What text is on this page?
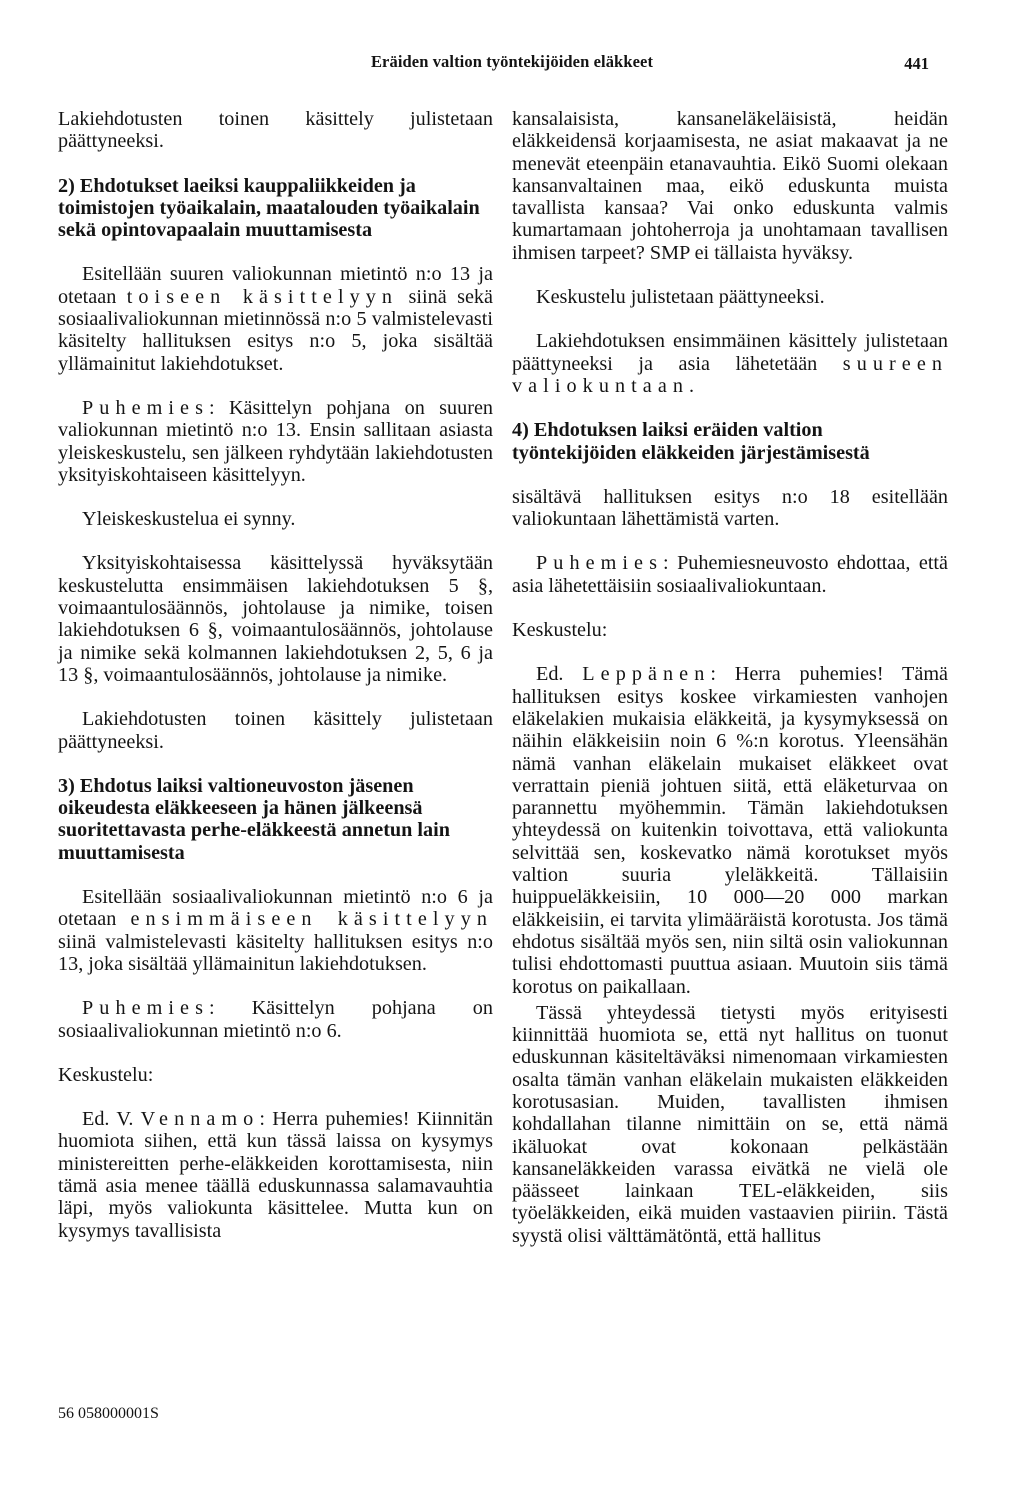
Eräiden valtion työntekijöiden eläkkeet	441
Lakiehdotusten toinen käsittely julistetaan päättyneeksi.
2) Ehdotukset laeiksi kauppaliikkeiden ja toimistojen työaikalain, maatalouden työaikalain sekä opintovapaalain muuttamisesta
Esitellään suuren valiokunnan mietintö n:o 13 ja otetaan toiseen käsittelyyn siinä sekä sosiaalivaliokunnan mietinnössä n:o 5 valmistelevasti käsitelty hallituksen esitys n:o 5, joka sisältää yllämainitut lakiehdotukset.
Puhemies: Käsittelyn pohjana on suuren valiokunnan mietintö n:o 13. Ensin sallitaan asiasta yleiskeskustelu, sen jälkeen ryhdytään lakiehdotusten yksityiskohtaiseen käsittelyyn.
Yleiskeskustelua ei synny.
Yksityiskohtaisessa käsittelyssä hyväksytään keskustelutta ensimmäisen lakiehdotuksen 5 §, voimaantulosäännös, johtolause ja nimike, toisen lakiehdotuksen 6 §, voimaantulosäännös, johtolause ja nimike sekä kolmannen lakiehdotuksen 2, 5, 6 ja 13 §, voimaantulosäännös, johtolause ja nimike.
Lakiehdotusten toinen käsittely julistetaan päättyneeksi.
3) Ehdotus laiksi valtioneuvoston jäsenen oikeudesta eläkkeeseen ja hänen jälkeensä suoritettavasta perhe-eläkkeestä annetun lain muuttamisesta
Esitellään sosiaalivaliokunnan mietintö n:o 6 ja otetaan ensimmäiseen käsittelyyn siinä valmistelevasti käsitelty hallituksen esitys n:o 13, joka sisältää yllämainitun lakiehdotuksen.
Puhemies: Käsittelyn pohjana on sosiaalivaliokunnan mietintö n:o 6.
Keskustelu:
Ed. V. Vennamo: Herra puhemies! Kiinnitän huomiota siihen, että kun tässä laissa on kysymys ministereitten perhe-eläkkeiden korottamisesta, niin tämä asia menee täällä eduskunnassa salamavauhtia läpi, myös valiokunta käsittelee. Mutta kun on kysymys tavallisista
kansalaisista, kansaneläkeläisistä, heidän eläkkeidensä korjaamisesta, ne asiat makaavat ja ne menevät eteenpäin etanavauhtia. Eikö Suomi olekaan kansanvaltainen maa, eikö eduskunta muista tavallista kansaa? Vai onko eduskunta valmis kumartamaan johtoherroja ja unohtamaan tavallisen ihmisen tarpeet? SMP ei tällaista hyväksy.
Keskustelu julistetaan päättyneeksi.
Lakiehdotuksen ensimmäinen käsittely julistetaan päättyneeksi ja asia lähetetään suureen valiokuntaan.
4) Ehdotuksen laiksi eräiden valtion työntekijöiden eläkkeiden järjestämisestä
sisältävä hallituksen esitys n:o 18 esitellään valiokuntaan lähettämistä varten.
Puhemies: Puhemiesneuvosto ehdottaa, että asia lähetettäisiin sosiaalivaliokuntaan.
Keskustelu:
Ed. Leppänen: Herra puhemies! Tämä hallituksen esitys koskee virkamiesten vanhojen eläkelakien mukaisia eläkkeitä, ja kysymyksessä on näihin eläkkeisiin noin 6 %:n korotus. Yleensähän nämä vanhan eläkelain mukaiset eläkkeet ovat verrattain pieniä johtuen siitä, että eläketurvaa on parannettu myöhemmin. Tämän lakiehdotuksen yhteydessä on kuitenkin toivottava, että valiokunta selvittää sen, koskevatko nämä korotukset myös valtion suuria yleläkkeitä. Tällaisiin huippueläkkeisiin, 10 000—20 000 markan eläkkeisiin, ei tarvita ylimääräistä korotusta. Jos tämä ehdotus sisältää myös sen, niin siltä osin valiokunnan tulisi ehdottomasti puuttua asiaan. Muutoin siis tämä korotus on paikallaan.
Tässä yhteydessä tietysti myös erityisesti kiinnittää huomiota se, että nyt hallitus on tuonut eduskunnan käsiteltäväksi nimenomaan virkamiesten osalta tämän vanhan eläkelain mukaisten eläkkeiden korotusasian. Muiden, tavallisten ihmisen kohdallahan tilanne nimittäin on se, että nämä ikäluokat ovat kokonaan pelkästään kansaneläkkeiden varassa eivätkä ne vielä ole päässeet lainkaan TEL-eläkkeiden, siis työeläkkeiden, eikä muiden vastaavien piiriin. Tästä syystä olisi välttämätöntä, että hallitus
56 058000001S
